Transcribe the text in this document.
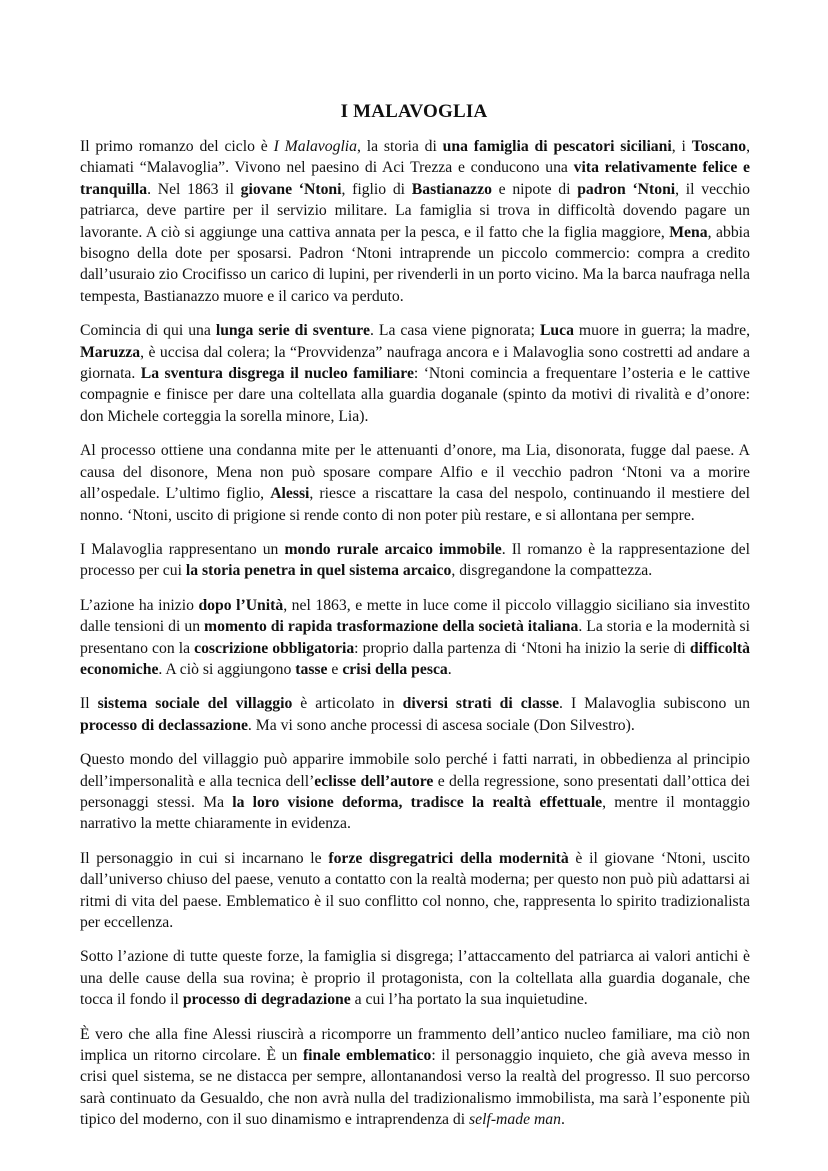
I MALAVOGLIA

Il primo romanzo del ciclo è I Malavoglia, la storia di una famiglia di pescatori siciliani, i Toscano, chiamati “Malavoglia”. Vivono nel paesino di Aci Trezza e conducono una vita relativamente felice e tranquilla. Nel 1863 il giovane ‘Ntoni, figlio di Bastianazzo e nipote di padron ‘Ntoni, il vecchio patriarca, deve partire per il servizio militare. La famiglia si trova in difficoltà dovendo pagare un lavorante. A ciò si aggiunge una cattiva annata per la pesca, e il fatto che la figlia maggiore, Mena, abbia bisogno della dote per sposarsi. Padron ‘Ntoni intraprende un piccolo commercio: compra a credito dall’usuraio zio Crocifisso un carico di lupini, per rivenderli in un porto vicino. Ma la barca naufraga nella tempesta, Bastianazzo muore e il carico va perduto.

Comincia di qui una lunga serie di sventure. La casa viene pignorata; Luca muore in guerra; la madre, Maruzza, è uccisa dal colera; la “Provvidenza” naufraga ancora e i Malavoglia sono costretti ad andare a giornata. La sventura disgrega il nucleo familiare: ‘Ntoni comincia a frequentare l’osteria e le cattive compagnie e finisce per dare una coltellata alla guardia doganale (spinto da motivi di rivalità e d’onore: don Michele corteggia la sorella minore, Lia).

Al processo ottiene una condanna mite per le attenuanti d’onore, ma Lia, disonorata, fugge dal paese. A causa del disonore, Mena non può sposare compare Alfio e il vecchio padron ‘Ntoni va a morire all’ospedale. L’ultimo figlio, Alessi, riesce a riscattare la casa del nespolo, continuando il mestiere del nonno. ‘Ntoni, uscito di prigione si rende conto di non poter più restare, e si allontana per sempre.

I Malavoglia rappresentano un mondo rurale arcaico immobile. Il romanzo è la rappresentazione del processo per cui la storia penetra in quel sistema arcaico, disgregandone la compattezza.

L’azione ha inizio dopo l’Unità, nel 1863, e mette in luce come il piccolo villaggio siciliano sia investito dalle tensioni di un momento di rapida trasformazione della società italiana. La storia e la modernità si presentano con la coscrizione obbligatoria: proprio dalla partenza di ‘Ntoni ha inizio la serie di difficoltà economiche. A ciò si aggiungono tasse e crisi della pesca.

Il sistema sociale del villaggio è articolato in diversi strati di classe. I Malavoglia subiscono un processo di declassazione. Ma vi sono anche processi di ascesa sociale (Don Silvestro).

Questo mondo del villaggio può apparire immobile solo perché i fatti narrati, in obbedienza al principio dell’impersonalità e alla tecnica dell’eclisse dell’autore e della regressione, sono presentati dall’ottica dei personaggi stessi. Ma la loro visione deforma, tradisce la realtà effettuale, mentre il montaggio narrativo la mette chiaramente in evidenza.

Il personaggio in cui si incarnano le forze disgregatrici della modernità è il giovane ‘Ntoni, uscito dall’universo chiuso del paese, venuto a contatto con la realtà moderna; per questo non può più adattarsi ai ritmi di vita del paese. Emblematico è il suo conflitto col nonno, che, rappresenta lo spirito tradizionalista per eccellenza.

Sotto l’azione di tutte queste forze, la famiglia si disgrega; l’attaccamento del patriarca ai valori antichi è una delle cause della sua rovina; è proprio il protagonista, con la coltellata alla guardia doganale, che tocca il fondo il processo di degradazione a cui l’ha portato la sua inquietudine.

È vero che alla fine Alessi riuscirà a ricomporre un frammento dell’antico nucleo familiare, ma ciò non implica un ritorno circolare. È un finale emblematico: il personaggio inquieto, che già aveva messo in crisi quel sistema, se ne distacca per sempre, allontanandosi verso la realtà del progresso. Il suo percorso sarà continuato da Gesualdo, che non avrà nulla del tradizionalismo immobilista, ma sarà l’esponente più tipico del moderno, con il suo dinamismo e intraprendenza di self-made man.
